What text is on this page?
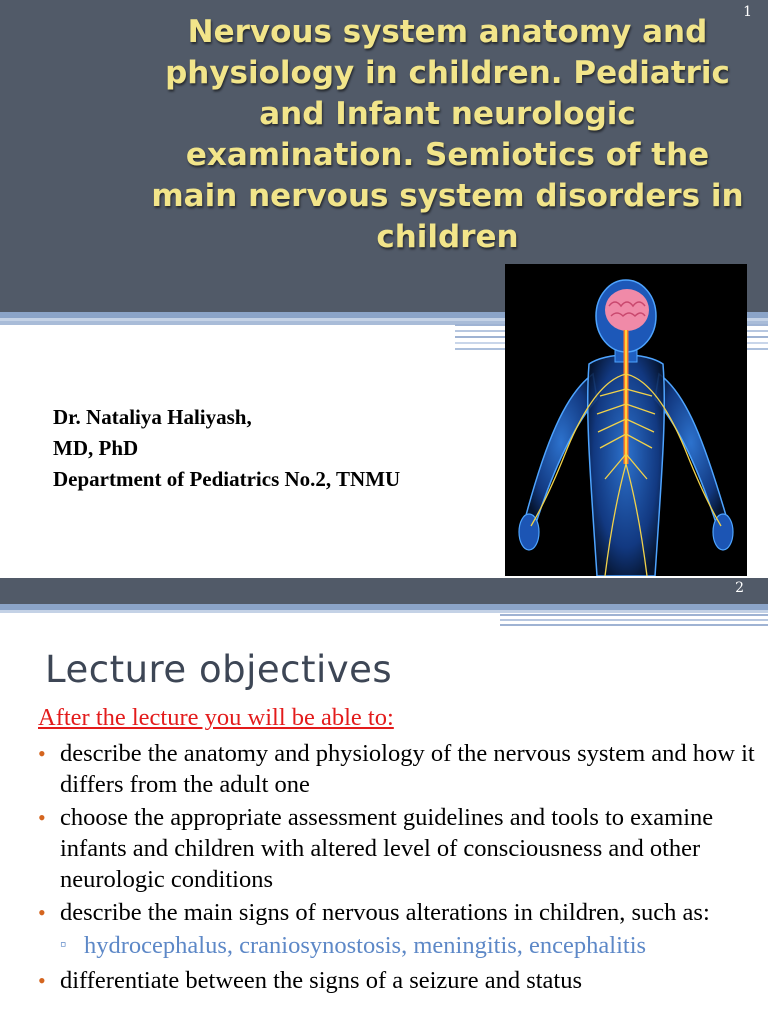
1
Nervous system anatomy and physiology in children. Pediatric and Infant neurologic examination. Semiotics of the main nervous system disorders in children
Dr. Nataliya Haliyash,
MD, PhD
Department of Pediatrics No.2, TNMU
2
Lecture objectives
After the lecture you will be able to:
• describe the anatomy and physiology of the nervous system and how it differs from the adult one
• choose the appropriate assessment guidelines and tools to examine infants and children with altered level of consciousness and other neurologic conditions
• describe the main signs of nervous alterations in children, such as:
▫ hydrocephalus, craniosynostosis, meningitis, encephalitis
• differentiate between the signs of a seizure and status
